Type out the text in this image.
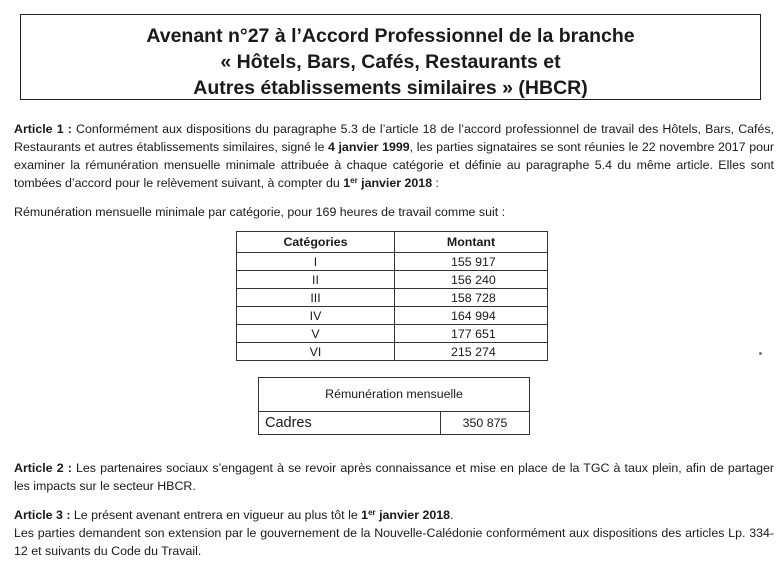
Avenant n°27 à l’Accord Professionnel de la branche
« Hôtels, Bars, Cafés, Restaurants et
Autres établissements similaires » (HBCR)
Article 1 : Conformément aux dispositions du paragraphe 5.3 de l’article 18 de l’accord professionnel de travail des Hôtels, Bars, Cafés, Restaurants et autres établissements similaires, signé le 4 janvier 1999, les parties signataires se sont réunies le 22 novembre 2017 pour examiner la rémunération mensuelle minimale attribuée à chaque catégorie et définie au paragraphe 5.4 du même article. Elles sont tombées d’accord pour le relèvement suivant, à compter du 1er janvier 2018 :
Rémunération mensuelle minimale par catégorie, pour 169 heures de travail comme suit :
Catégories	Montant
I	155 917
II	156 240
III	158 728
IV	164 994
V	177 651
VI	215 274
Rémunération mensuelle
Cadres	350 875
Article 2 : Les partenaires sociaux s’engagent à se revoir après connaissance et mise en place de la TGC à taux plein, afin de partager les impacts sur le secteur HBCR.
Article 3 : Le présent avenant entrera en vigueur au plus tôt le 1er janvier 2018.
Les parties demandent son extension par le gouvernement de la Nouvelle-Calédonie conformément aux dispositions des articles Lp. 334-12 et suivants du Code du Travail.
